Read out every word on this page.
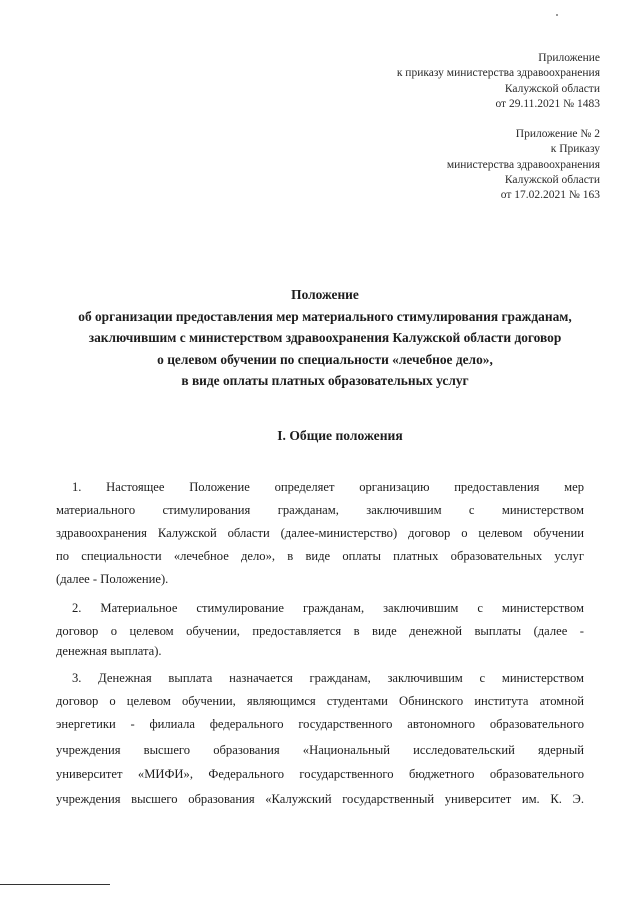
Приложение
к приказу министерства здравоохранения
Калужской области
от 29.11.2021 № 1483
Приложение № 2
к Приказу
министерства здравоохранения
Калужской области
от 17.02.2021 № 163
Положение
об организации предоставления мер материального стимулирования гражданам,
заключившим с министерством здравоохранения Калужской области договор
о целевом обучении по специальности «лечебное дело»,
в виде оплаты платных образовательных услуг
I. Общие положения
1. Настоящее Положение определяет организацию предоставления мер
материального стимулирования гражданам, заключившим с министерством
здравоохранения Калужской области (далее-министерство) договор о целевом обучении
по специальности «лечебное дело», в виде оплаты платных образовательных услуг
(далее - Положение).
2. Материальное стимулирование гражданам, заключившим с министерством
договор о целевом обучении, предоставляется в виде денежной выплаты (далее -
денежная выплата).
3. Денежная выплата назначается гражданам, заключившим с министерством
договор о целевом обучении, являющимся студентами Обнинского института атомной
энергетики - филиала федерального государственного автономного образовательного
учреждения высшего образования «Национальный исследовательский ядерный
университет «МИФИ», Федерального государственного бюджетного образовательного
учреждения высшего образования «Калужский государственный университет им. К. Э.
